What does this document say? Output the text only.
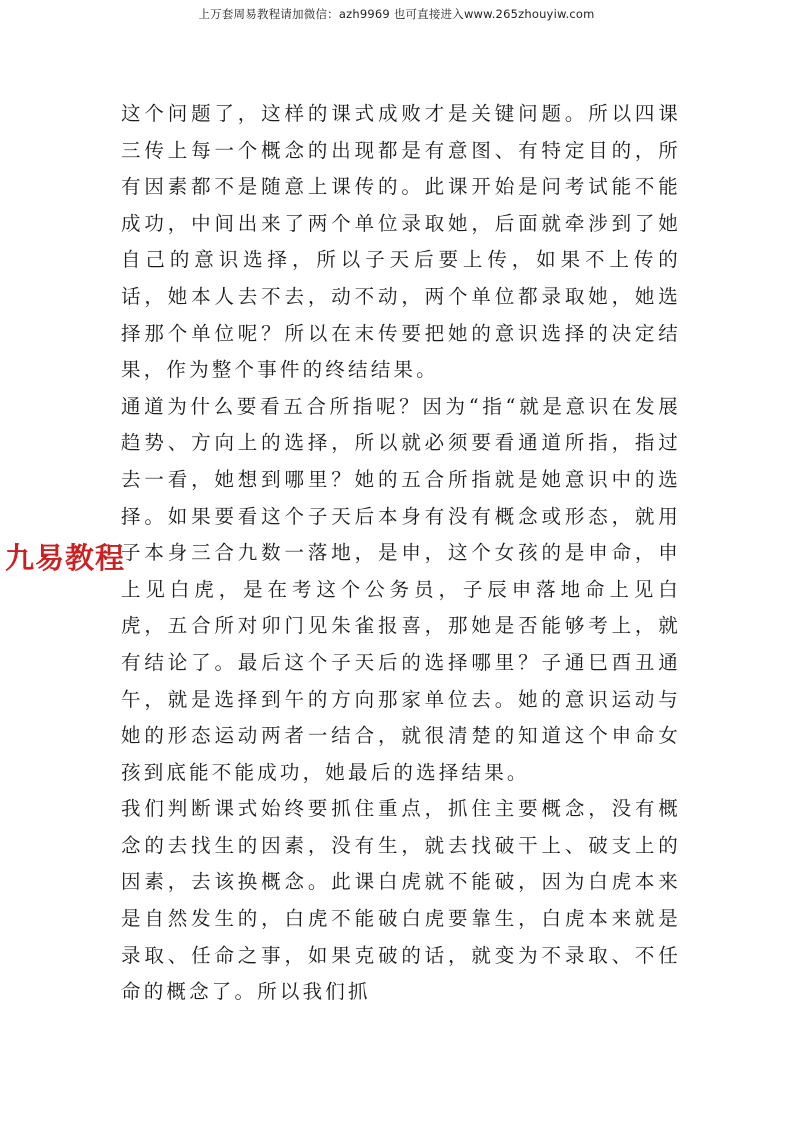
上万套周易教程请加微信：azh9969 也可直接进入www.265zhouyiw.com

这个问题了，这样的课式成败才是关键问题。所以四课三传上每一个概念的出现都是有意图、有特定目的，所有因素都不是随意上课传的。此课开始是问考试能不能成功，中间出来了两个单位录取她，后面就牵涉到了她自己的意识选择，所以子天后要上传，如果不上传的话，她本人去不去，动不动，两个单位都录取她，她选择那个单位呢？所以在末传要把她的意识选择的决定结果，作为整个事件的终结结果。

通道为什么要看五合所指呢？因为“指“就是意识在发展趋势、方向上的选择，所以就必须要看通道所指，指过去一看，她想到哪里？她的五合所指就是她意识中的选择。如果要看这个子天后本身有没有概念或形态，就用子本身三合九数一落地，是申，这个女孩的是申命，申上见白虎，是在考这个公务员，子辰申落地命上见白虎，五合所对卯门见朱雀报喜，那她是否能够考上，就有结论了。最后这个子天后的选择哪里？子通巳酉丑通午，就是选择到午的方向那家单位去。她的意识运动与她的形态运动两者一结合，就很清楚的知道这个申命女孩到底能不能成功，她最后的选择结果。

我们判断课式始终要抓住重点，抓住主要概念，没有概念的去找生的因素，没有生，就去找破干上、破支上的因素，去该换概念。此课白虎就不能破，因为白虎本来是自然发生的，白虎不能破白虎要靠生，白虎本来就是录取、任命之事，如果克破的话，就变为不录取、不任命的概念了。所以我们抓

九易教程
